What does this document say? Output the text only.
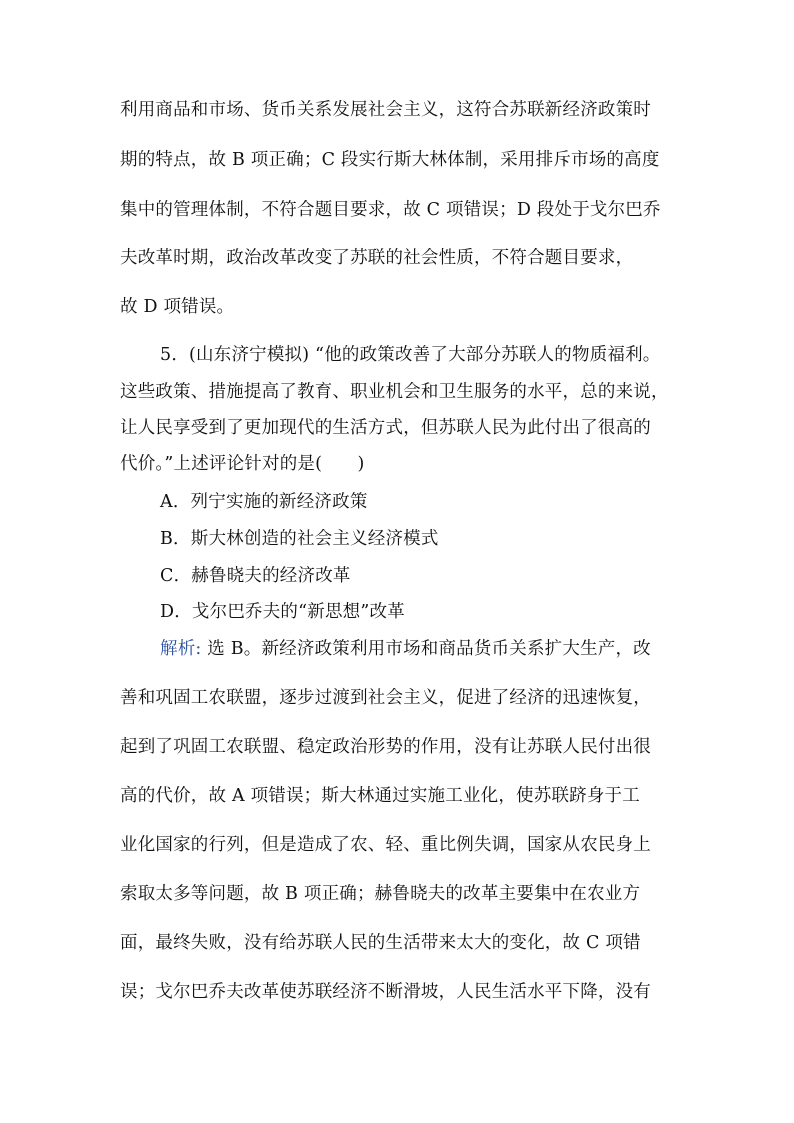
利用商品和市场、货币关系发展社会主义，这符合苏联新经济政策时
期的特点，故 B 项正确；C 段实行斯大林体制，采用排斥市场的高度
集中的管理体制，不符合题目要求，故 C 项错误；D 段处于戈尔巴乔
夫改革时期，政治改革改变了苏联的社会性质，不符合题目要求，
故 D 项错误。
5．(山东济宁模拟) “他的政策改善了大部分苏联人的物质福利。
这些政策、措施提高了教育、职业机会和卫生服务的水平，总的来说，
让人民享受到了更加现代的生活方式，但苏联人民为此付出了很高的
代价。”上述评论针对的是(　　)
A．列宁实施的新经济政策
B．斯大林创造的社会主义经济模式
C．赫鲁晓夫的经济改革
D．戈尔巴乔夫的“新思想”改革
解析: 选 B。新经济政策利用市场和商品货币关系扩大生产，改
善和巩固工农联盟，逐步过渡到社会主义，促进了经济的迅速恢复，
起到了巩固工农联盟、稳定政治形势的作用，没有让苏联人民付出很
高的代价，故 A 项错误；斯大林通过实施工业化，使苏联跻身于工
业化国家的行列，但是造成了农、轻、重比例失调，国家从农民身上
索取太多等问题，故 B 项正确；赫鲁晓夫的改革主要集中在农业方
面，最终失败，没有给苏联人民的生活带来太大的变化，故 C 项错
误；戈尔巴乔夫改革使苏联经济不断滑坡，人民生活水平下降，没有
